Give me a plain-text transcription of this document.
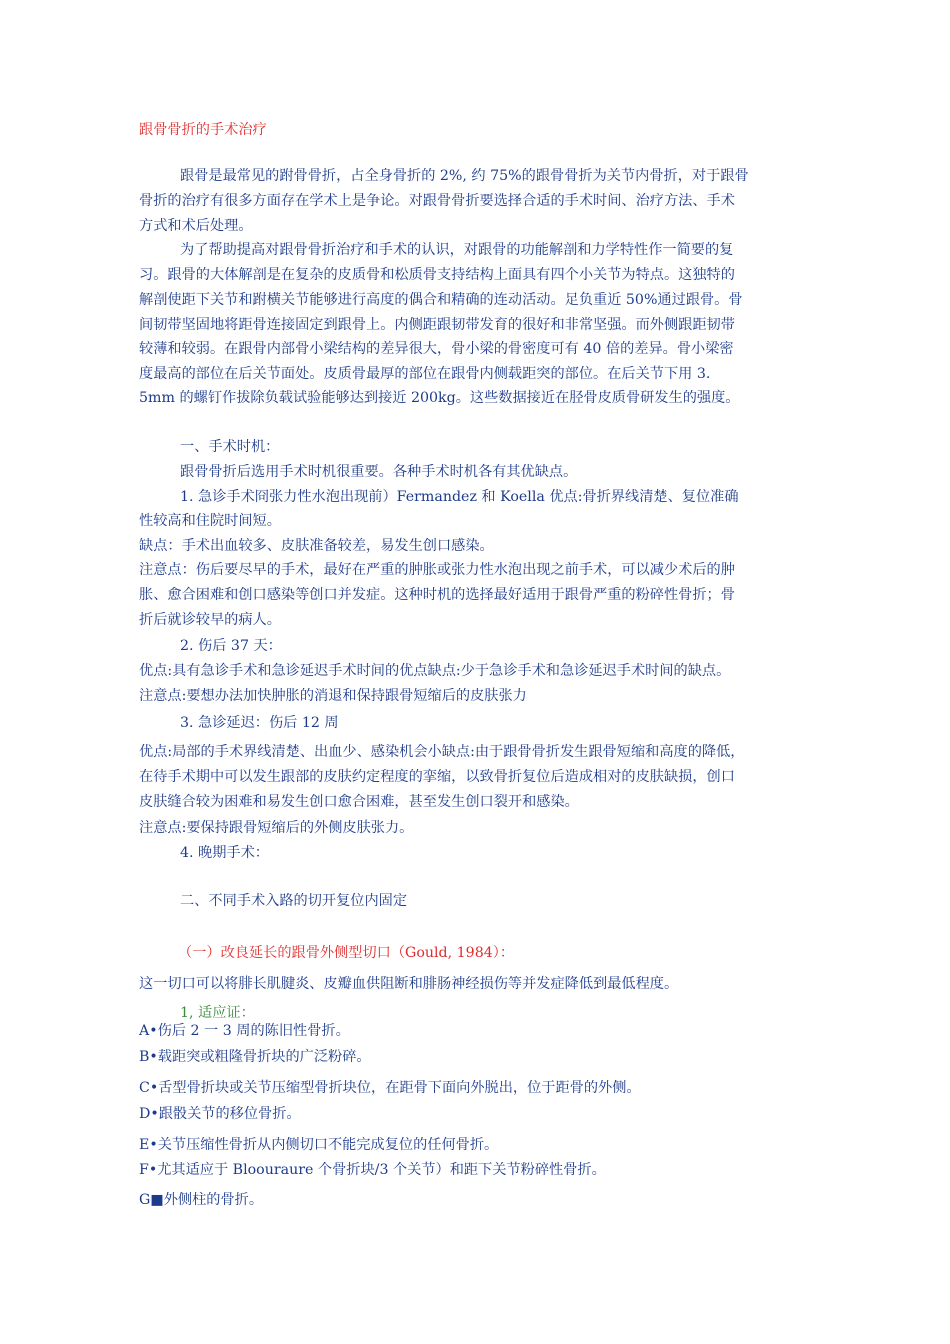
跟骨骨折的手术治疗
跟骨是最常见的跗骨骨折，占全身骨折的 2%, 约 75%的跟骨骨折为关节内骨折，对于跟骨
骨折的治疗有很多方面存在学术上是争论。对跟骨骨折要选择合适的手术时间、治疗方法、手术
方式和术后处理。
为了帮助提高对跟骨骨折治疗和手术的认识，对跟骨的功能解剖和力学特性作一简要的复
习。跟骨的大体解剖是在复杂的皮质骨和松质骨支持结构上面具有四个小关节为特点。这独特的
解剖使距下关节和跗横关节能够进行高度的偶合和精确的连动活动。足负重近 50%通过跟骨。骨
间韧带坚固地将距骨连接固定到跟骨上。内侧距跟韧带发育的很好和非常坚强。而外侧跟距韧带
较薄和较弱。在跟骨内部骨小梁结构的差异很大，骨小梁的骨密度可有 40 倍的差异。骨小梁密
度最高的部位在后关节面处。皮质骨最厚的部位在跟骨内侧载距突的部位。在后关节下用 3.
5mm 的螺钉作拔除负载试验能够达到接近 200kg。这些数据接近在胫骨皮质骨研发生的强度。
一、手术时机：
跟骨骨折后选用手术时机很重要。各种手术时机各有其优缺点。
1. 急诊手术冏张力性水泡出现前）Fermandez 和 Koella 优点:骨折界线清楚、复位准确
性较高和住院时间短。
缺点：手术出血较多、皮肤准备较差，易发生创口感染。
注意点：伤后要尽早的手术，最好在严重的肿胀或张力性水泡出现之前手术，可以减少术后的肿
胀、愈合困难和创口感染等创口并发症。这种时机的选择最好适用于跟骨严重的粉碎性骨折；骨
折后就诊较早的病人。
2. 伤后 37 天：
优点:具有急诊手术和急诊延迟手术时间的优点缺点:少于急诊手术和急诊延迟手术时间的缺点。
注意点:要想办法加快肿胀的消退和保持跟骨短缩后的皮肤张力
3. 急诊延迟：伤后 12 周
优点:局部的手术界线清楚、出血少、感染机会小缺点:由于跟骨骨折发生跟骨短缩和高度的降低，
在待手术期中可以发生跟部的皮肤约定程度的挛缩，以致骨折复位后造成相对的皮肤缺损，创口
皮肤缝合较为困难和易发生创口愈合困难，甚至发生创口裂开和感染。
注意点:要保持跟骨短缩后的外侧皮肤张力。
4. 晚期手术：
二、不同手术入路的切开复位内固定
（一）改良延长的跟骨外侧型切口（Gould, 1984）：
这一切口可以将腓长肌腱炎、皮瓣血供阻断和腓肠神经损伤等并发症降低到最低程度。
1, 适应证：
A•伤后 2 一 3 周的陈旧性骨折。
B•载距突或粗隆骨折块的广泛粉碎。
C•舌型骨折块或关节压缩型骨折块位，在距骨下面向外脱出，位于距骨的外侧。
D•跟骰关节的移位骨折。
E•关节压缩性骨折从内侧切口不能完成复位的任何骨折。
F•尤其适应于 Bloouraure 个骨折块/3 个关节）和距下关节粉碎性骨折。
G■外侧柱的骨折。
